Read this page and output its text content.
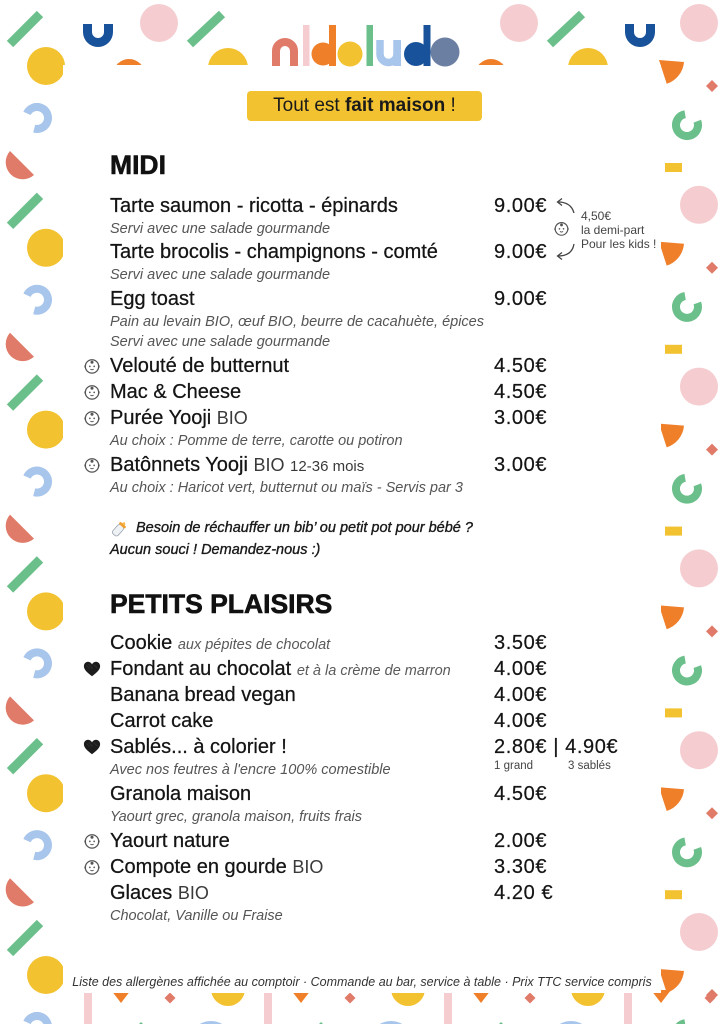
Tout est fait maison !
MIDI
Tarte saumon - ricotta - épinards	9.00€
Servi avec une salade gourmande
Tarte brocolis - champignons - comté	9.00€
Servi avec une salade gourmande
4,50€
la demi-part
Pour les kids !
Egg toast	9.00€
Pain au levain BIO, œuf BIO, beurre de cacahuète, épices
Servi avec une salade gourmande
Velouté de butternut	4.50€
Mac & Cheese	4.50€
Purée Yooji BIO	3.00€
Au choix : Pomme de terre, carotte ou potiron
Batônnets Yooji BIO 12-36 mois	3.00€
Au choix : Haricot vert, butternut ou maïs - Servis par 3
Besoin de réchauffer un bib’ ou petit pot pour bébé ?
Aucun souci ! Demandez-nous :)
PETITS PLAISIRS
Cookie aux pépites de chocolat	3.50€
Fondant au chocolat et à la crème de marron 4.00€
Banana bread vegan	4.00€
Carrot cake	4.00€
Sablés... à colorier !	2.80€ | 4.90€
Avec nos feutres à l'encre 100% comestible	1 grand	3 sablés
Granola maison	4.50€
Yaourt grec, granola maison, fruits frais
Yaourt nature	2.00€
Compote en gourde BIO	3.30€
Glaces BIO	4.20 €
Chocolat, Vanille ou Fraise
Liste des allergènes affichée au comptoir · Commande au bar, service à table · Prix TTC service compris
